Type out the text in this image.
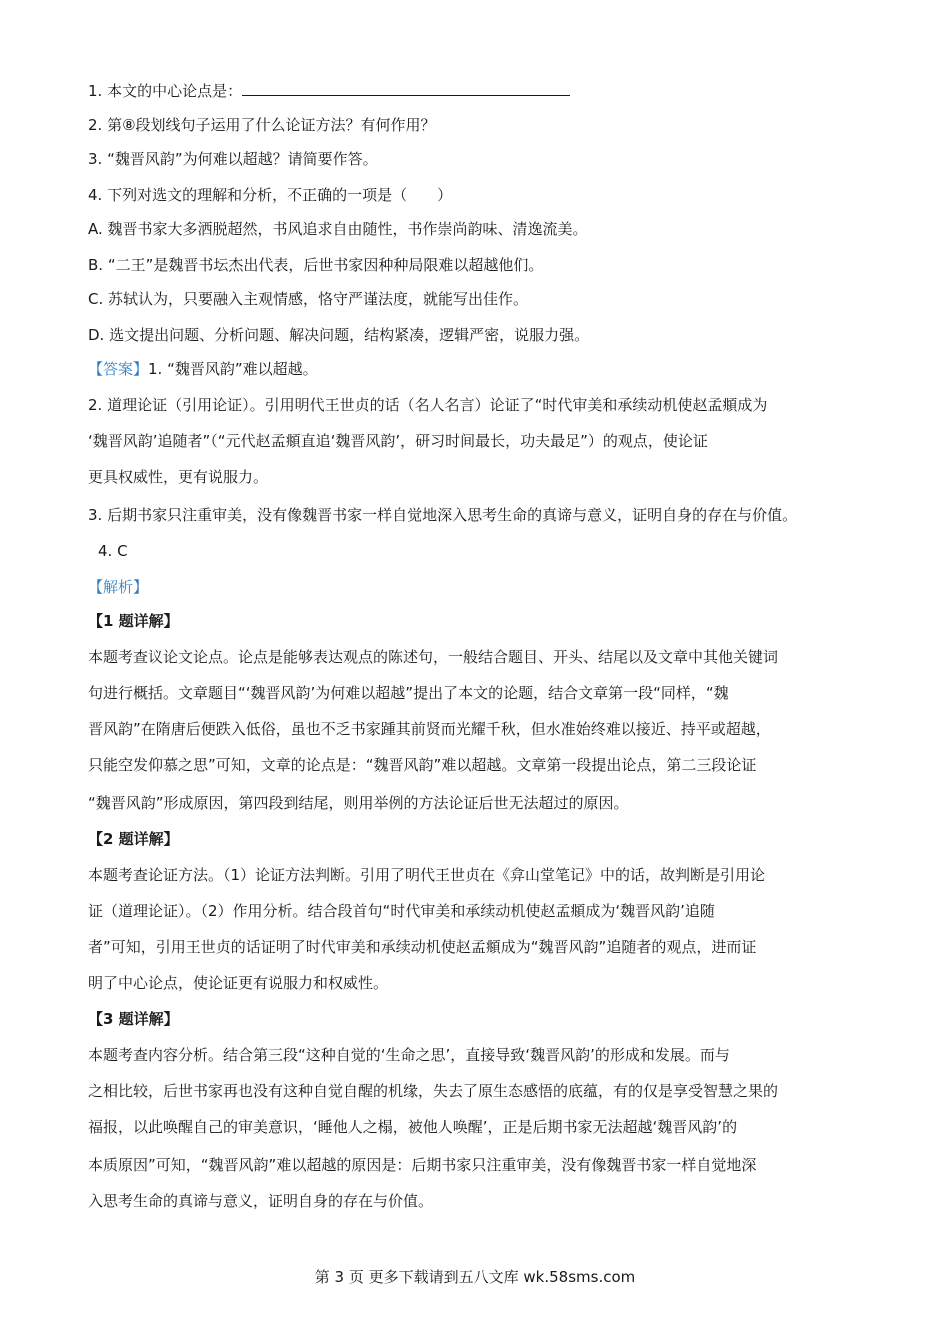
1. 本文的中心论点是：
2. 第⑧段划线句子运用了什么论证方法？有何作用？
3. “魏晋风韵”为何难以超越？请简要作答。
4. 下列对选文的理解和分析，不正确的一项是（　　）
A. 魏晋书家大多洒脱超然，书风追求自由随性，书作崇尚韵味、清逸流美。
B. “二王”是魏晋书坛杰出代表，后世书家因种种局限难以超越他们。
C. 苏轼认为，只要融入主观情感，恪守严谨法度，就能写出佳作。
D. 选文提出问题、分析问题、解决问题，结构紧凑，逻辑严密，说服力强。
【答案】1. “魏晋风韵”难以超越。
2. 道理论证（引用论证）。引用明代王世贞的话（名人名言）论证了“时代审美和承续动机使赵孟頫成为
‘魏晋风韵’追随者”（“元代赵孟頫直追‘魏晋风韵’，研习时间最长，功夫最足”）的观点，使论证
更具权威性，更有说服力。
3. 后期书家只注重审美，没有像魏晋书家一样自觉地深入思考生命的真谛与意义，证明自身的存在与价值。
4. C
【解析】
【1 题详解】
本题考查议论文论点。论点是能够表达观点的陈述句，一般结合题目、开头、结尾以及文章中其他关键词
句进行概括。文章题目“‘魏晋风韵’为何难以超越”提出了本文的论题，结合文章第一段“同样，“魏
晋风韵”在隋唐后便跌入低俗，虽也不乏书家踵其前贤而光耀千秋，但水准始终难以接近、持平或超越，
只能空发仰慕之思”可知，文章的论点是：“魏晋风韵”难以超越。文章第一段提出论点，第二三段论证
“魏晋风韵”形成原因，第四段到结尾，则用举例的方法论证后世无法超过的原因。
【2 题详解】
本题考查论证方法。（1）论证方法判断。引用了明代王世贞在《弇山堂笔记》中的话，故判断是引用论
证（道理论证）。（2）作用分析。结合段首句“时代审美和承续动机使赵孟頫成为‘魏晋风韵’追随
者”可知，引用王世贞的话证明了时代审美和承续动机使赵孟頫成为“魏晋风韵”追随者的观点，进而证
明了中心论点，使论证更有说服力和权威性。
【3 题详解】
本题考查内容分析。结合第三段“这种自觉的‘生命之思’，直接导致‘魏晋风韵’的形成和发展。而与
之相比较，后世书家再也没有这种自觉自醒的机缘，失去了原生态感悟的底蕴，有的仅是享受智慧之果的
福报，以此唤醒自己的审美意识，‘睡他人之榻，被他人唤醒’，正是后期书家无法超越‘魏晋风韵’的
本质原因”可知，“魏晋风韵”难以超越的原因是：后期书家只注重审美，没有像魏晋书家一样自觉地深
入思考生命的真谛与意义，证明自身的存在与价值。
第 3 页 更多下载请到五八文库 wk.58sms.com
